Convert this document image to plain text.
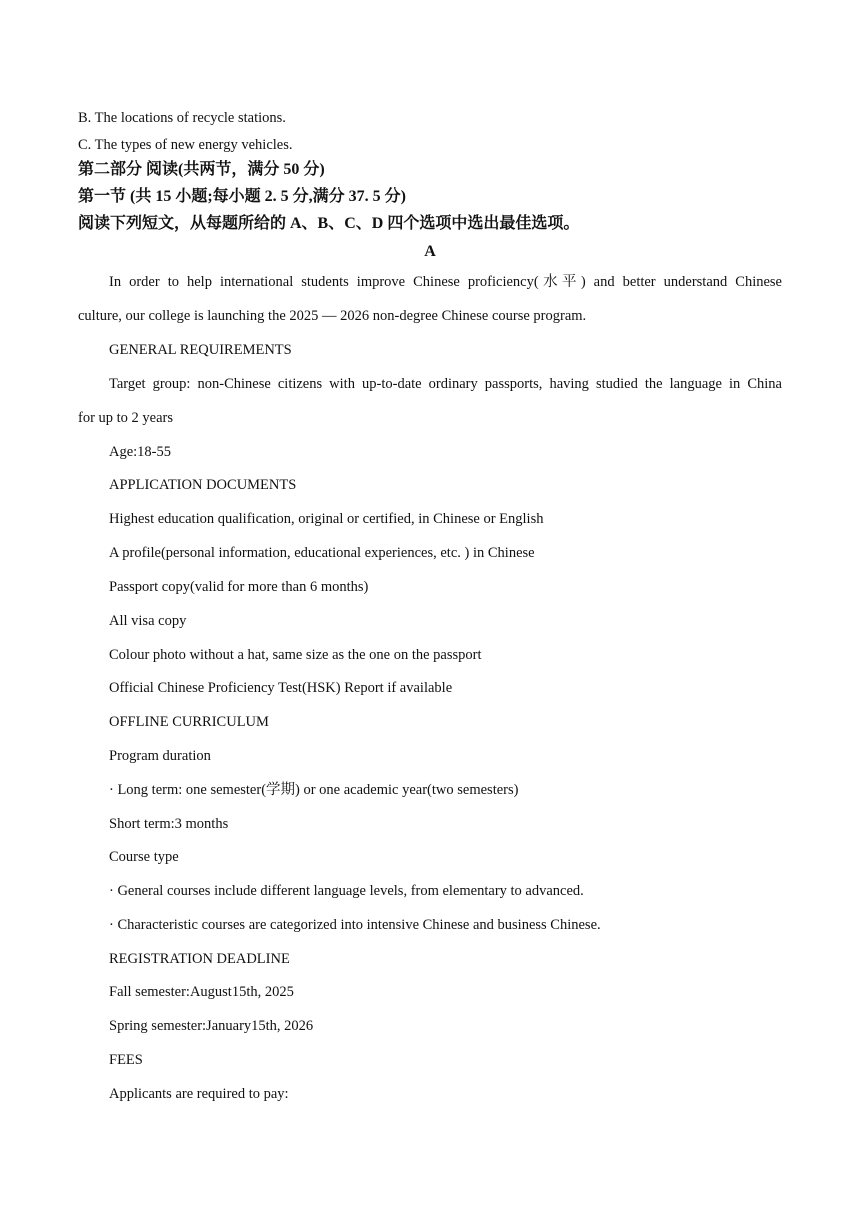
B. The locations of recycle stations.
C. The types of new energy vehicles.
第二部分 阅读(共两节，满分 50 分)
第一节 (共 15 小题;每小题 2. 5 分,满分 37. 5 分)
阅读下列短文，从每题所给的 A、B、C、D 四个选项中选出最佳选项。
A
In order to help international students improve Chinese proficiency(水平) and better understand Chinese
culture, our college is launching the 2025 — 2026 non-degree Chinese course program.
GENERAL REQUIREMENTS
Target group: non-Chinese citizens with up-to-date ordinary passports, having studied the language in China
for up to 2 years
Age:18-55
APPLICATION DOCUMENTS
Highest education qualification, original or certified, in Chinese or English
A profile(personal information, educational experiences, etc. ) in Chinese
Passport copy(valid for more than 6 months)
All visa copy
Colour photo without a hat, same size as the one on the passport
Official Chinese Proficiency Test(HSK) Report if available
OFFLINE CURRICULUM
Program duration
· Long term: one semester(学期) or one academic year(two semesters)
Short term:3 months
Course type
· General courses include different language levels, from elementary to advanced.
· Characteristic courses are categorized into intensive Chinese and business Chinese.
REGISTRATION DEADLINE
Fall semester:August15th, 2025
Spring semester:January15th, 2026
FEES
Applicants are required to pay:
